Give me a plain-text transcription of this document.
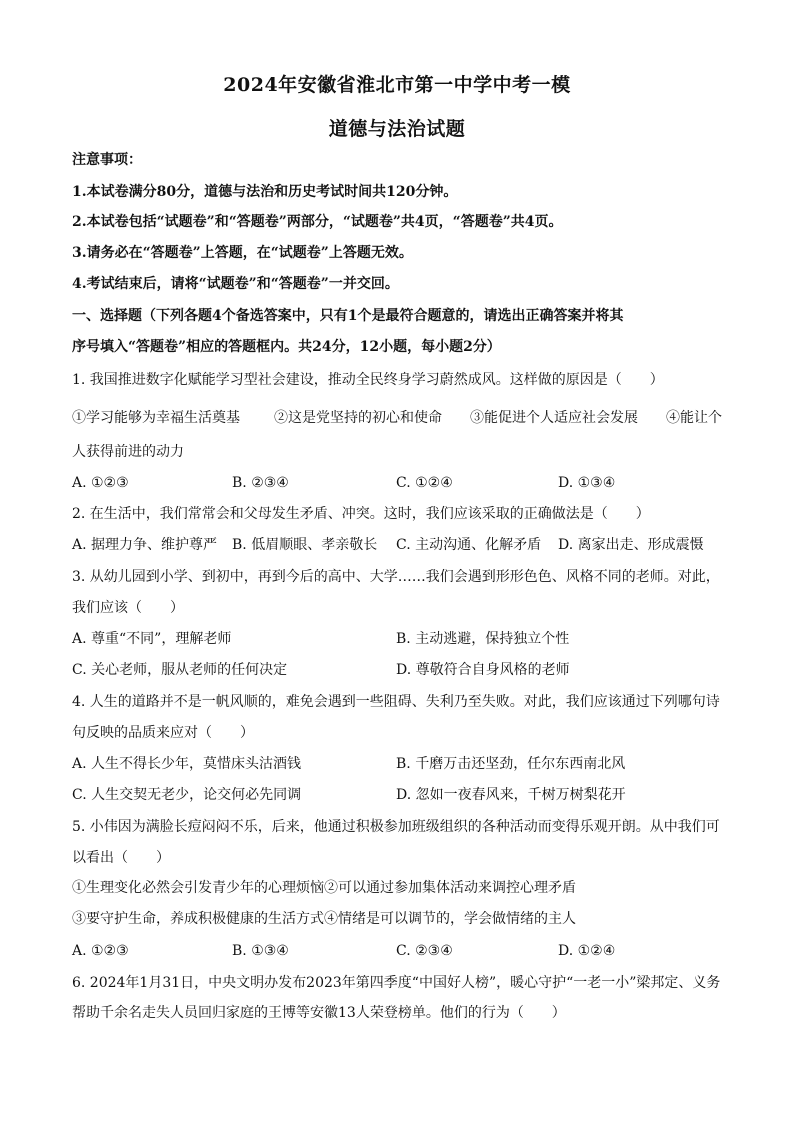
2024年安徽省淮北市第一中学中考一模
道德与法治试题
注意事项：
1.本试卷满分80分，道德与法治和历史考试时间共120分钟。
2.本试卷包括“试题卷”和“答题卷”两部分，“试题卷”共4页，“答题卷”共4页。
3.请务必在“答题卷”上答题，在“试题卷”上答题无效。
4.考试结束后，请将“试题卷”和“答题卷”一并交回。
一、选择题（下列各题4个备选答案中，只有1个是最符合题意的，请选出正确答案并将其
序号填入“答题卷”相应的答题框内。共24分，12小题，每小题2分）
1. 我国推进数字化赋能学习型社会建设，推动全民终身学习蔚然成风。这样做的原因是（　　）
①学习能够为幸福生活奠基 ②这是党坚持的初心和使命 ③能促进个人适应社会发展 ④能让个
人获得前进的动力
A. ①②③	B. ②③④	C. ①②④	D. ①③④
2. 在生活中，我们常常会和父母发生矛盾、冲突。这时，我们应该采取的正确做法是（　　）
A. 据理力争、维护尊严 B. 低眉顺眼、孝亲敬长 C. 主动沟通、化解矛盾 D. 离家出走、形成震慑
3. 从幼儿园到小学、到初中，再到今后的高中、大学……我们会遇到形形色色、风格不同的老师。对此，
我们应该（　　）
A. 尊重“不同”，理解老师	B. 主动逃避，保持独立个性
C. 关心老师，服从老师的任何决定	D. 尊敬符合自身风格的老师
4. 人生的道路并不是一帆风顺的，难免会遇到一些阻碍、失利乃至失败。对此，我们应该通过下列哪句诗
句反映的品质来应对（　　）
A. 人生不得长少年，莫惜床头沽酒钱	B. 千磨万击还坚劲，任尔东西南北风
C. 人生交契无老少，论交何必先同调	D. 忽如一夜春风来，千树万树梨花开
5. 小伟因为满脸长痘闷闷不乐，后来，他通过积极参加班级组织的各种活动而变得乐观开朗。从中我们可
以看出（　　）
①生理变化必然会引发青少年的心理烦恼②可以通过参加集体活动来调控心理矛盾
③要守护生命，养成积极健康的生活方式④情绪是可以调节的，学会做情绪的主人
A. ①②③	B. ①③④	C. ②③④	D. ①②④
6. 2024年1月31日，中央文明办发布2023年第四季度“中国好人榜”，暖心守护“一老一小”梁邦定、义务
帮助千余名走失人员回归家庭的王博等安徽13人荣登榜单。他们的行为（　　）
